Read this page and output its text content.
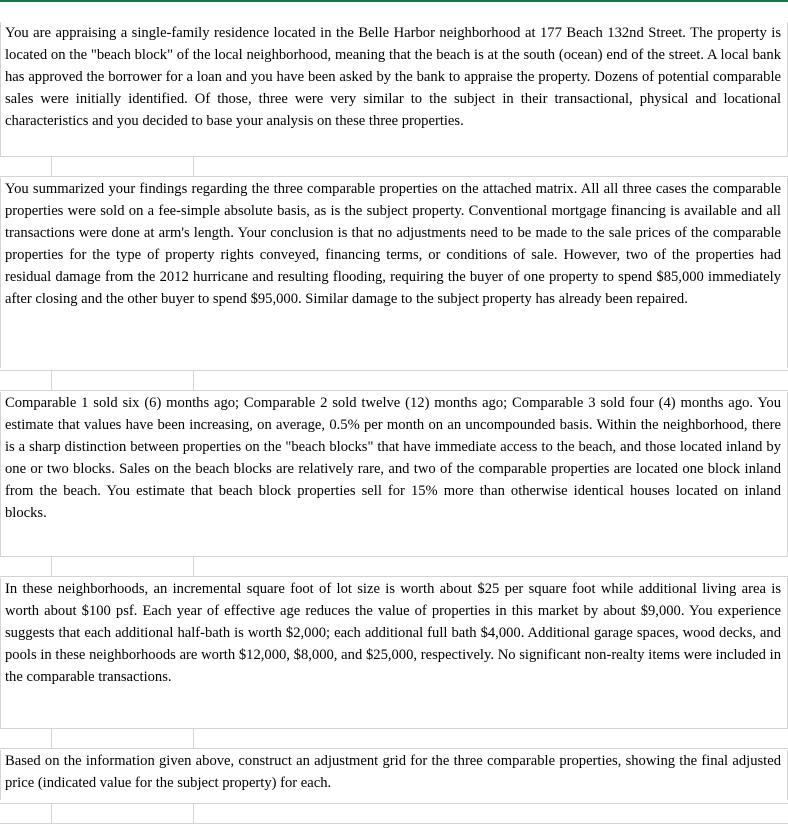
You are appraising a single-family residence located in the Belle Harbor neighborhood at 177 Beach 132nd Street. The property is located on the "beach block" of the local neighborhood, meaning that the beach is at the south (ocean) end of the street. A local bank has approved the borrower for a loan and you have been asked by the bank to appraise the property. Dozens of potential comparable sales were initially identified. Of those, three were very similar to the subject in their transactional, physical and locational characteristics and you decided to base your analysis on these three properties.
You summarized your findings regarding the three comparable properties on the attached matrix. All all three cases the comparable properties were sold on a fee-simple absolute basis, as is the subject property. Conventional mortgage financing is available and all transactions were done at arm's length. Your conclusion is that no adjustments need to be made to the sale prices of the comparable properties for the type of property rights conveyed, financing terms, or conditions of sale. However, two of the properties had residual damage from the 2012 hurricane and resulting flooding, requiring the buyer of one property to spend $85,000 immediately after closing and the other buyer to spend $95,000. Similar damage to the subject property has already been repaired.
Comparable 1 sold six (6) months ago; Comparable 2 sold twelve (12) months ago; Comparable 3 sold four (4) months ago. You estimate that values have been increasing, on average, 0.5% per month on an uncompounded basis. Within the neighborhood, there is a sharp distinction between properties on the "beach blocks" that have immediate access to the beach, and those located inland by one or two blocks. Sales on the beach blocks are relatively rare, and two of the comparable properties are located one block inland from the beach. You estimate that beach block properties sell for 15% more than otherwise identical houses located on inland blocks.
In these neighborhoods, an incremental square foot of lot size is worth about $25 per square foot while additional living area is worth about $100 psf. Each year of effective age reduces the value of properties in this market by about $9,000. You experience suggests that each additional half-bath is worth $2,000; each additional full bath $4,000. Additional garage spaces, wood decks, and pools in these neighborhoods are worth $12,000, $8,000, and $25,000, respectively. No significant non-realty items were included in the comparable transactions.
Based on the information given above, construct an adjustment grid for the three comparable properties, showing the final adjusted price (indicated value for the subject property) for each.
